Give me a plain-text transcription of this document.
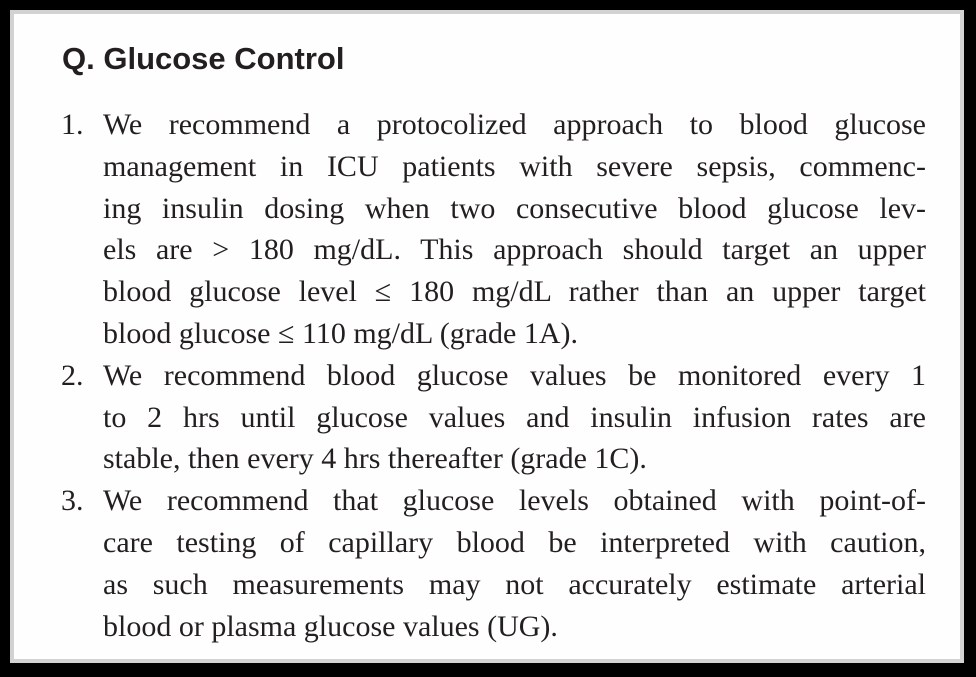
Q. Glucose Control
1. We recommend a protocolized approach to blood glucose
management in ICU patients with severe sepsis, commenc-
ing insulin dosing when two consecutive blood glucose lev-
els are > 180 mg/dL. This approach should target an upper
blood glucose level ≤ 180 mg/dL rather than an upper target
blood glucose ≤ 110 mg/dL (grade 1A).
2. We recommend blood glucose values be monitored every 1
to 2 hrs until glucose values and insulin infusion rates are
stable, then every 4 hrs thereafter (grade 1C).
3. We recommend that glucose levels obtained with point-of-
care testing of capillary blood be interpreted with caution,
as such measurements may not accurately estimate arterial
blood or plasma glucose values (UG).
